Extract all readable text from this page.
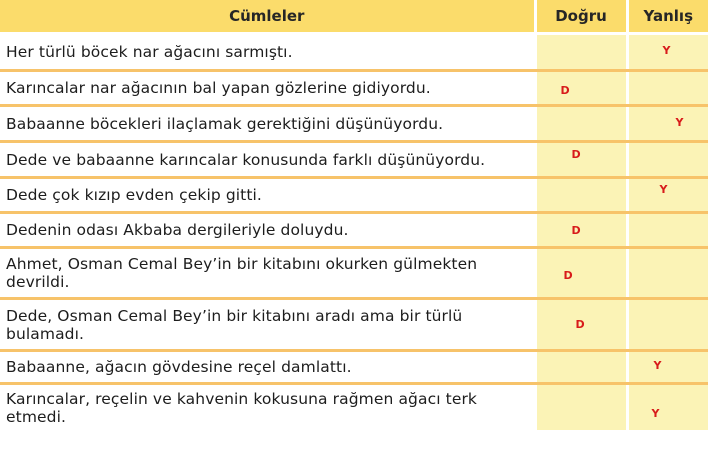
Cümleler	Doğru	Yanlış
Her türlü böcek nar ağacını sarmıştı.		Y

Karıncalar nar ağacının bal yapan gözlerine gidiyordu.	D	

Babaanne böcekleri ilaçlamak gerektiğini düşünüyordu.		Y

Dede ve babaanne karıncalar konusunda farklı düşünüyordu.	D	

Dede çok kızıp evden çekip gitti.		Y

Dedenin odası Akbaba dergileriyle doluydu.	D	

Ahmet, Osman Cemal Bey’in bir kitabını okurken gülmekten devrildi.	D	

Dede, Osman Cemal Bey’in bir kitabını aradı ama bir türlü bulamadı.	D	

Babaanne, ağacın gövdesine reçel damlattı.		Y

Karıncalar, reçelin ve kahvenin kokusuna rağmen ağacı terk etmedi.		Y
